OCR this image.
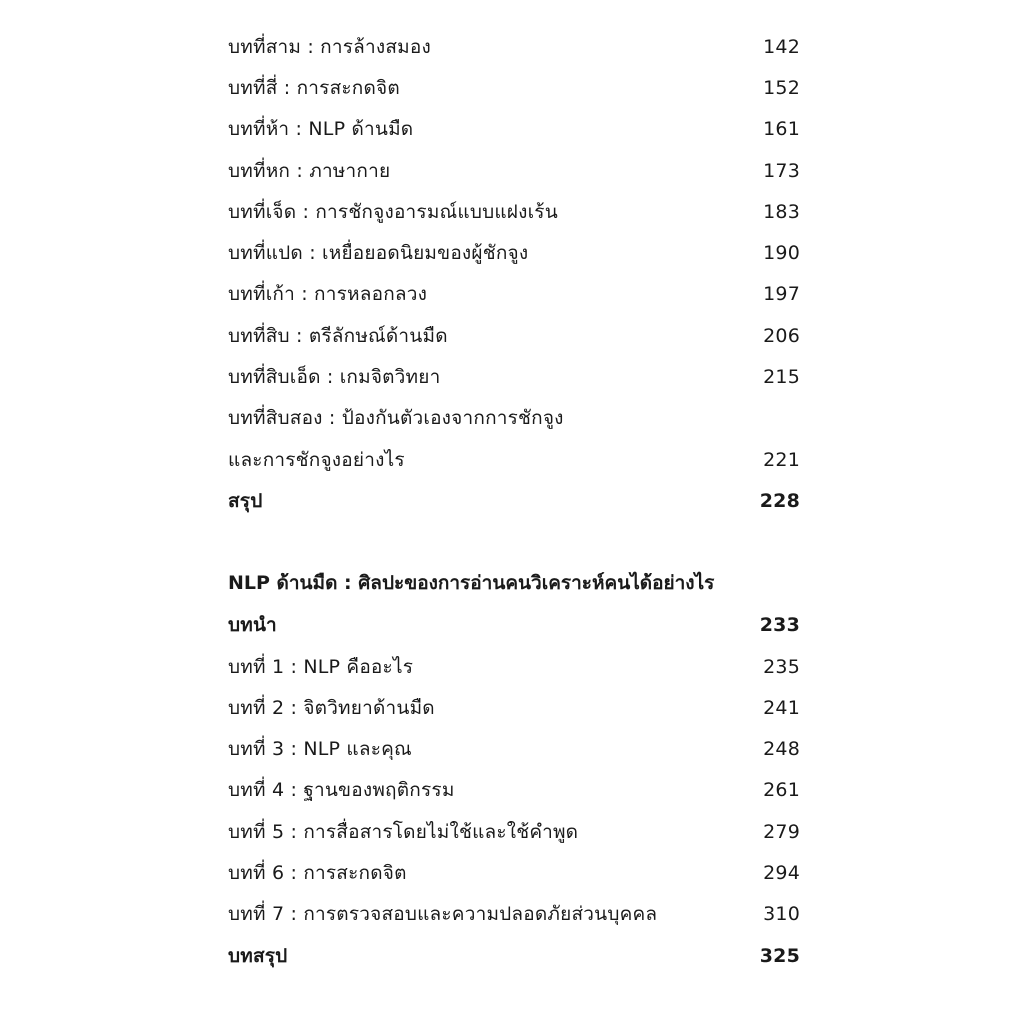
บทที่สาม : การล้างสมอง	142
บทที่สี่ : การสะกดจิต	152
บทที่ห้า : NLP ด้านมืด	161
บทที่หก : ภาษากาย	173
บทที่เจ็ด : การชักจูงอารมณ์แบบแฝงเร้น	183
บทที่แปด : เหยื่อยอดนิยมของผู้ชักจูง	190
บทที่เก้า : การหลอกลวง	197
บทที่สิบ : ตรีลักษณ์ด้านมืด	206
บทที่สิบเอ็ด : เกมจิตวิทยา	215
บทที่สิบสอง : ป้องกันตัวเองจากการชักจูง
และการชักจูงอย่างไร	221
สรุป	228
NLP ด้านมืด : ศิลปะของการอ่านคนวิเคราะห์คนได้อย่างไร
บทนำ	233
บทที่ 1 : NLP คืออะไร	235
บทที่ 2 : จิตวิทยาด้านมืด	241
บทที่ 3 : NLP และคุณ	248
บทที่ 4 : ฐานของพฤติกรรม	261
บทที่ 5 : การสื่อสารโดยไม่ใช้และใช้คำพูด	279
บทที่ 6 : การสะกดจิต	294
บทที่ 7 : การตรวจสอบและความปลอดภัยส่วนบุคคล	310
บทสรุป	325
